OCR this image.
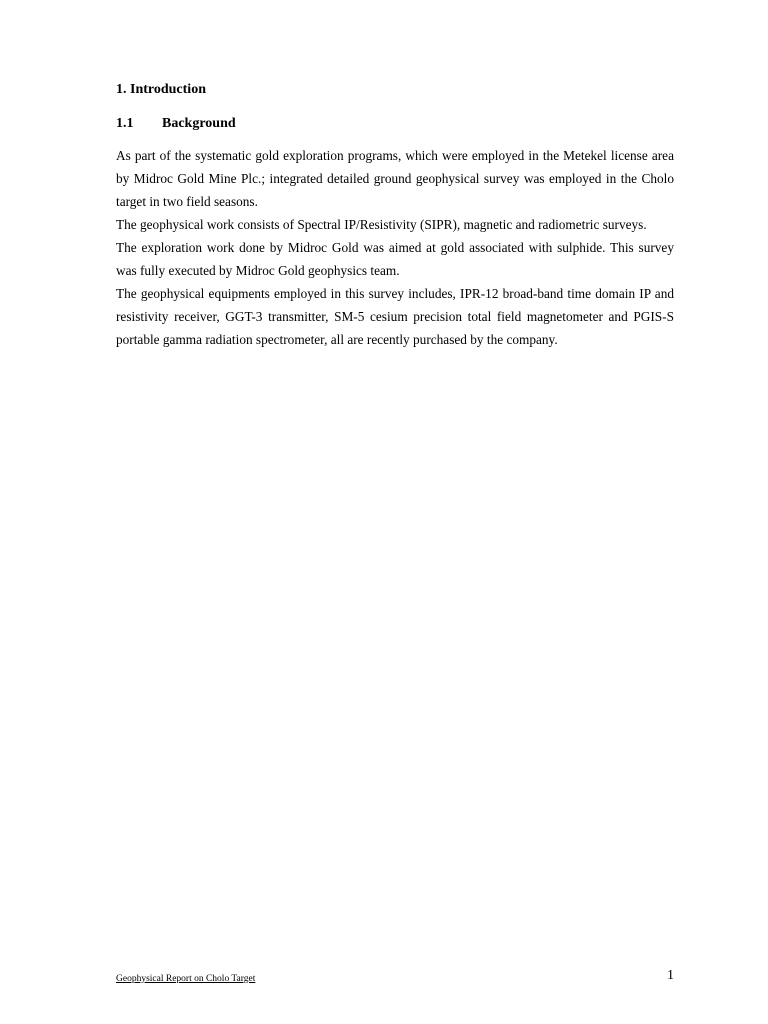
1. Introduction
1.1	Background

As part of the systematic gold exploration programs, which were employed in the Metekel license area by Midroc Gold Mine Plc.; integrated detailed ground geophysical survey was employed in the Cholo target in two field seasons.

The geophysical work consists of Spectral IP/Resistivity (SIPR), magnetic and radiometric surveys.

The exploration work done by Midroc Gold was aimed at gold associated with sulphide. This survey was fully executed by Midroc Gold geophysics team.

The geophysical equipments employed in this survey includes, IPR-12 broad-band time domain IP and resistivity receiver, GGT-3 transmitter, SM-5 cesium precision total field magnetometer and PGIS-S portable gamma radiation spectrometer, all are recently purchased by the company.

Geophysical Report on Cholo Target	1
